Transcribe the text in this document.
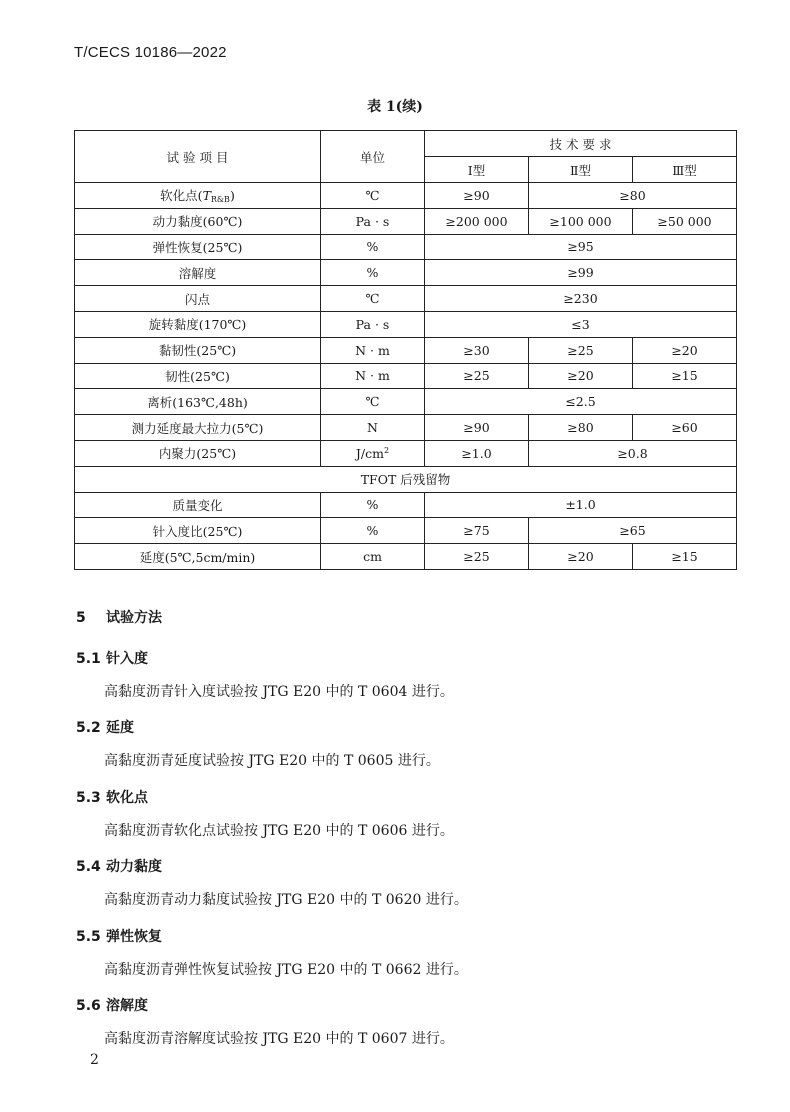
T/CECS 10186—2022
表 1(续)
试 验 项 目	单位	技 术 要 求		
		Ⅰ型	Ⅱ型	Ⅲ型
软化点$(T_{R\&B})$	℃	≥90	≥80	
动力黏度(60℃)	Pa · s	≥200 000	≥100 000	≥50 000
弹性恢复(25℃)	%	≥95		
溶解度	%	≥99		
闪点	℃	≥230		
旋转黏度(170℃)	Pa · s	≤3		
黏韧性(25℃)	N · m	≥30	≥25	≥20
韧性(25℃)	N · m	≥25	≥20	≥15
离析(163℃,48h)	℃	≤2.5		
测力延度最大拉力(5℃)	N	≥90	≥80	≥60
内聚力(25℃)	$J/cm^2$	≥1.0	≥0.8	
TFOT 后残留物				
质量变化	%	±1.0		
针入度比(25℃)	%	≥75	≥65	
延度(5℃,5cm/min)	cm	≥25	≥20	≥15
5 试验方法
5.1 针入度
高黏度沥青针入度试验按 JTG E20 中的 T 0604 进行。
5.2 延度
高黏度沥青延度试验按 JTG E20 中的 T 0605 进行。
5.3 软化点
高黏度沥青软化点试验按 JTG E20 中的 T 0606 进行。
5.4 动力黏度
高黏度沥青动力黏度试验按 JTG E20 中的 T 0620 进行。
5.5 弹性恢复
高黏度沥青弹性恢复试验按 JTG E20 中的 T 0662 进行。
5.6 溶解度
高黏度沥青溶解度试验按 JTG E20 中的 T 0607 进行。
2
